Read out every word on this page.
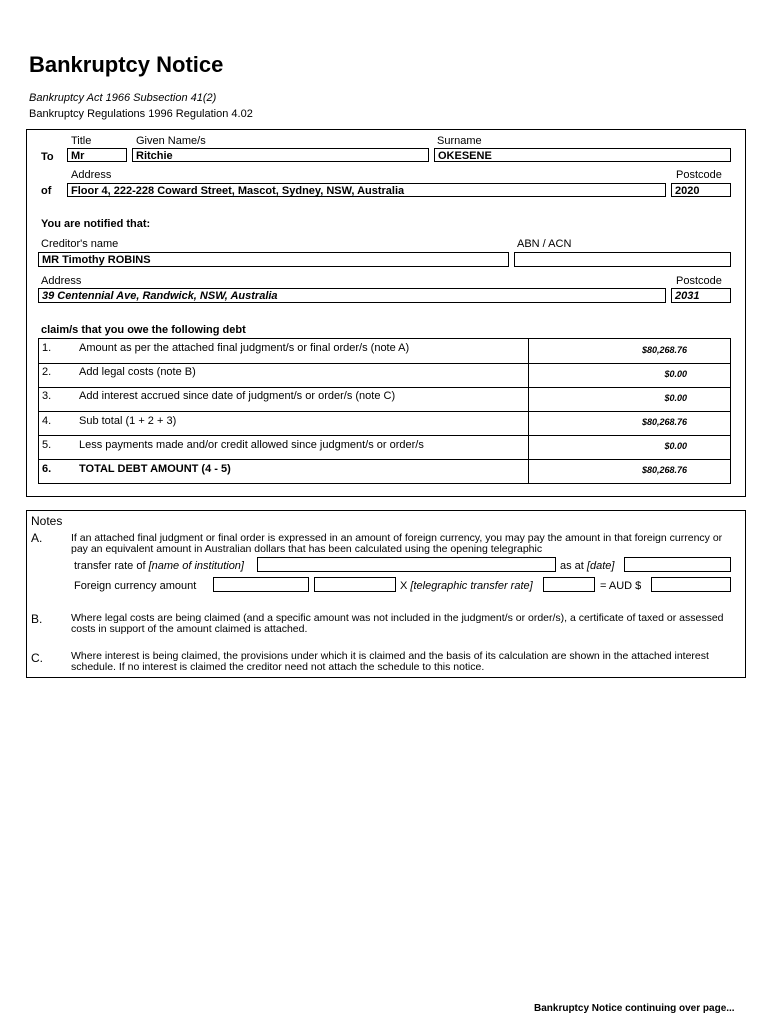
Bankruptcy Notice
Bankruptcy Act 1966 Subsection 41(2)
Bankruptcy Regulations 1996 Regulation 4.02
Title	Given Name/s	Surname
To	Mr	Ritchie	OKESENE
Address	Postcode
of	Floor 4, 222-228 Coward Street, Mascot, Sydney, NSW, Australia	2020
You are notified that:
Creditor's name	ABN / ACN
MR Timothy ROBINS
Address	Postcode
39 Centennial Ave, Randwick, NSW, Australia	2031
claim/s that you owe the following debt
1.	Amount as per the attached final judgment/s or final order/s (note A)	$80,268.76
2.	Add legal costs (note B)	$0.00
3.	Add interest accrued since date of judgment/s or order/s (note C)	$0.00
4.	Sub total (1 + 2 + 3)	$80,268.76
5.	Less payments made and/or credit allowed since judgment/s or order/s	$0.00
6.	TOTAL DEBT AMOUNT (4 - 5)	$80,268.76
Notes
A.	If an attached final judgment or final order is expressed in an amount of foreign currency, you may pay the amount in that foreign currency or pay an equivalent amount in Australian dollars that has been calculated using the opening telegraphic
transfer rate of [name of institution]	as at [date]
Foreign currency amount	X [telegraphic transfer rate]	= AUD $
B.	Where legal costs are being claimed (and a specific amount was not included in the judgment/s or order/s), a certificate of taxed or assessed costs in support of the amount claimed is attached.
C.	Where interest is being claimed, the provisions under which it is claimed and the basis of its calculation are shown in the attached interest schedule. If no interest is claimed the creditor need not attach the schedule to this notice.
Bankruptcy Notice continuing over page...
